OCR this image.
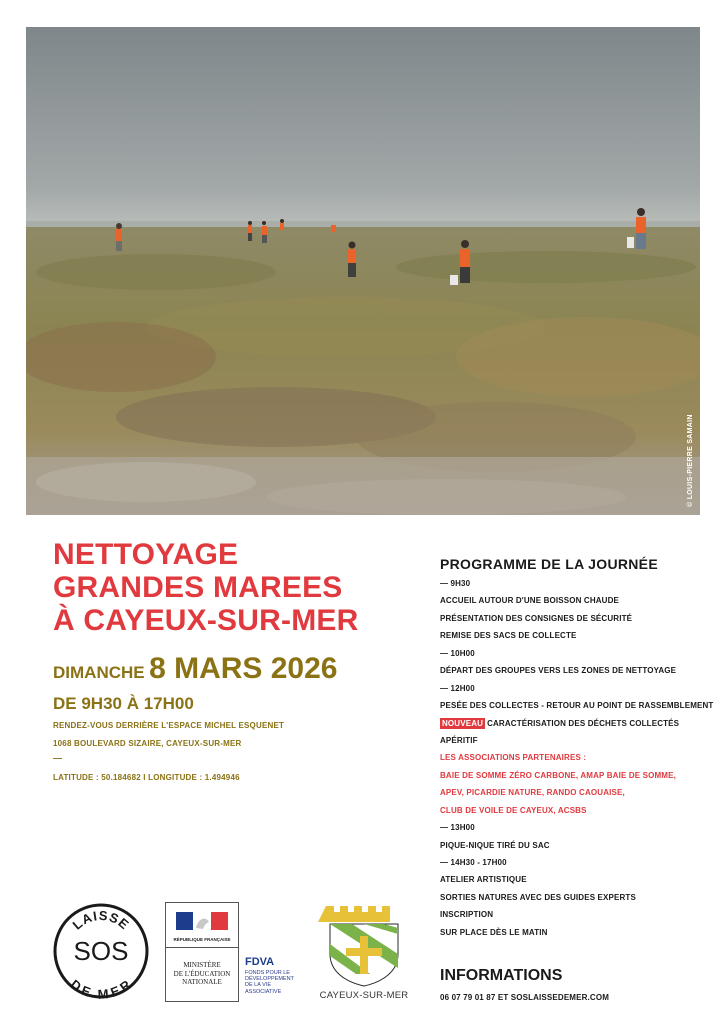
© LOUIS-PIERRE SAMAIN
NETTOYAGE
GRANDES MAREES
À CAYEUX-SUR-MER
DIMANCHE 8 MARS 2026
DE 9H30 À 17H00
RENDEZ-VOUS DERRIÈRE L'ESPACE MICHEL ESQUENET
1068 BOULEVARD SIZAIRE, CAYEUX-SUR-MER
—
LATITUDE : 50.184682 I LONGITUDE : 1.494946
PROGRAMME DE LA JOURNÉE
— 9H30
ACCUEIL AUTOUR D'UNE BOISSON CHAUDE
PRÉSENTATION DES CONSIGNES DE SÉCURITÉ
REMISE DES SACS DE COLLECTE
— 10H00
DÉPART DES GROUPES VERS LES ZONES DE NETTOYAGE
— 12H00
PESÉE DES COLLECTES - RETOUR AU POINT DE RASSEMBLEMENT
NOUVEAU CARACTÉRISATION DES DÉCHETS COLLECTÉS
APÉRITIF
LES ASSOCIATIONS PARTENAIRES :
BAIE DE SOMME ZÉRO CARBONE, AMAP BAIE DE SOMME,
APEV, PICARDIE NATURE, RANDO CAOUAISE,
CLUB DE VOILE DE CAYEUX, ACSBS
— 13H00
PIQUE-NIQUE TIRÉ DU SAC
— 14H30 - 17H00
ATELIER ARTISTIQUE
SORTIES NATURES AVEC DES GUIDES EXPERTS
INSCRIPTION
SUR PLACE DÈS LE MATIN
INFORMATIONS
06 07 79 01 87 ET SOSLAISSEDEMER.COM
LAISSE
SOS
DE MER
RÉPUBLIQUE FRANÇAISE
MINISTÈRE
DE L'ÉDUCATION
NATIONALE
FDVA
FONDS POUR LE
DÉVELOPPEMENT
DE LA VIE
ASSOCIATIVE	CAYEUX-SUR-MER
